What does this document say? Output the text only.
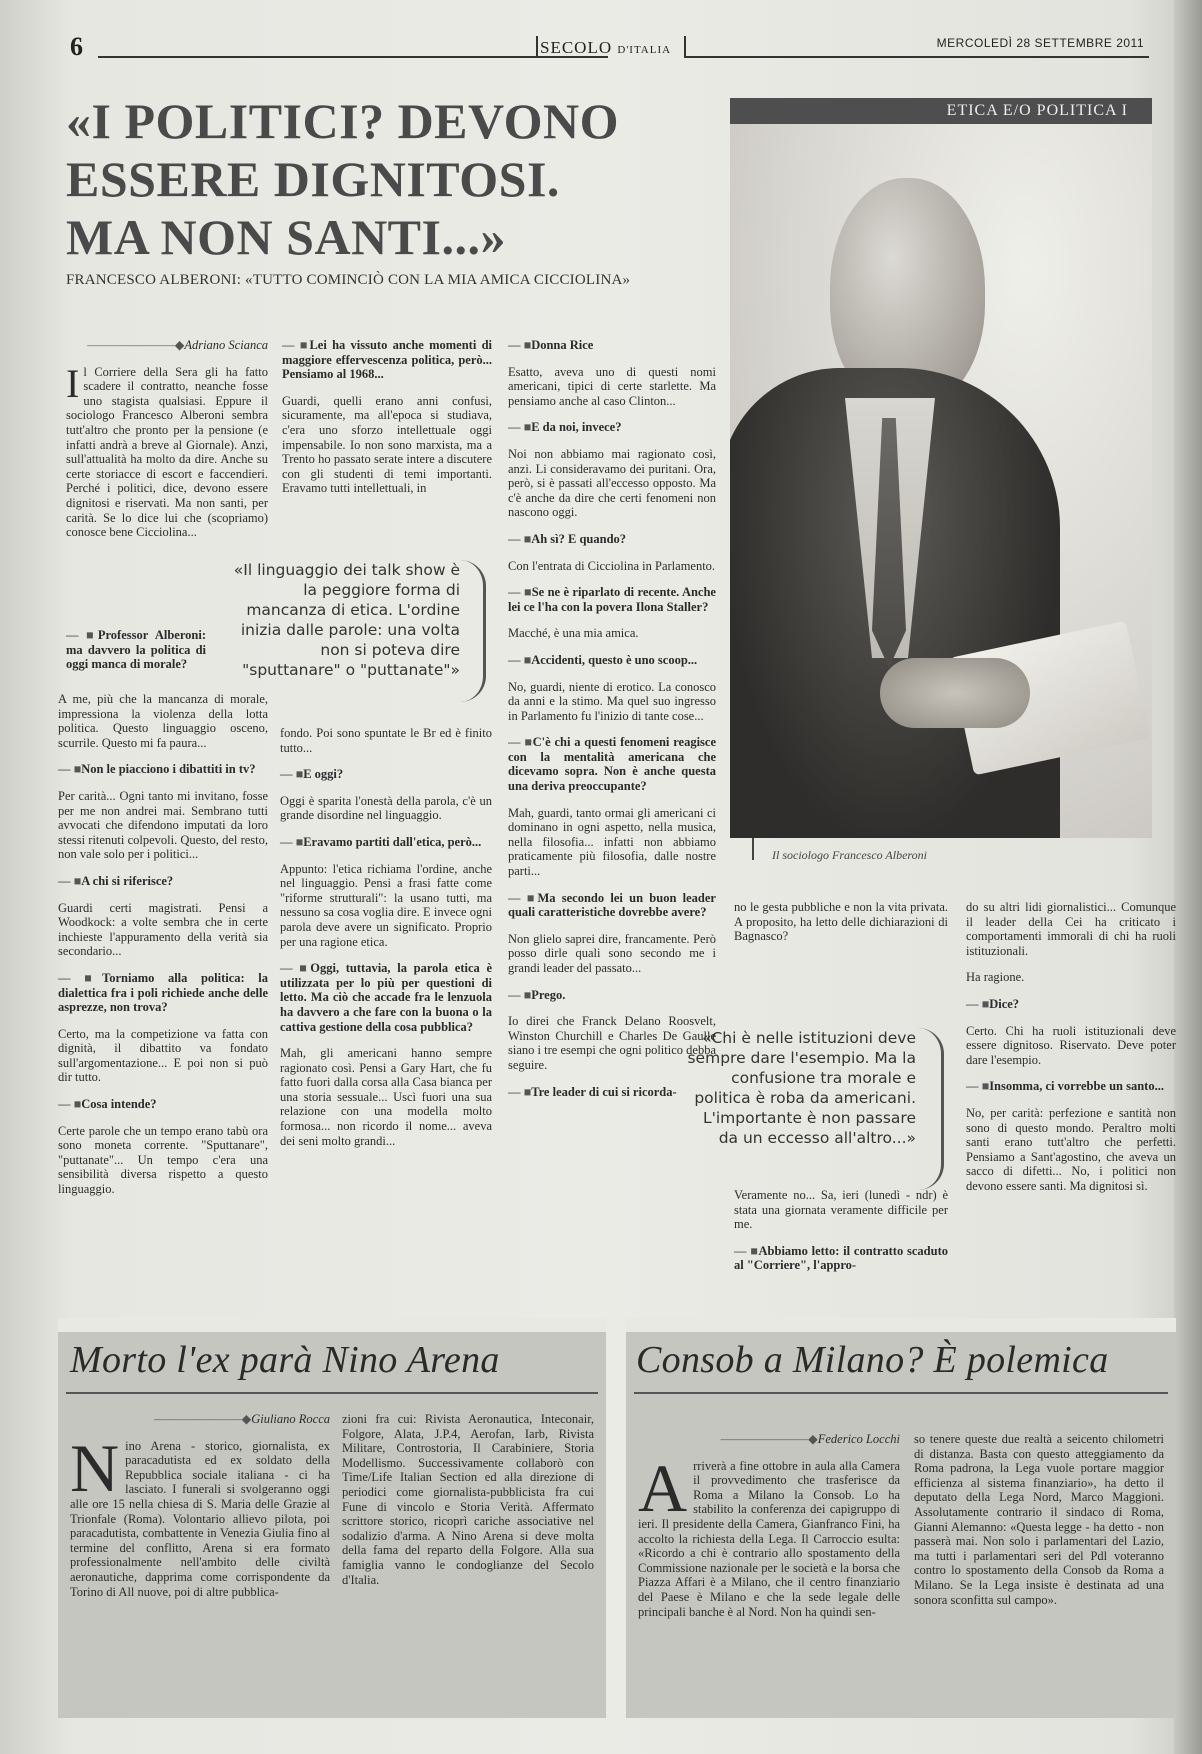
6	SECOLO D'ITALIA	MERCOLEDÌ 28 SETTEMBRE 2011
«I POLITICI? DEVONO
ESSERE DIGNITOSI.
MA NON SANTI...»
FRANCESCO ALBERONI: «TUTTO COMINCIÒ CON LA MIA AMICA CICCIOLINA»
ETICA E/O POLITICA I
Il sociologo Francesco Alberoni

———————◆ Adriano Scianca

Il Corriere della Sera gli ha fatto scadere il contratto, neanche fosse uno stagista qualsiasi. Eppure il sociologo Francesco Alberoni sembra tutt'altro che pronto per la pensione (e infatti andrà a breve al Giornale). Anzi, sull'attualità ha molto da dire. Anche su certe storiacce di escort e faccendieri. Perché i politici, dice, devono essere dignitosi e riservati. Ma non santi, per carità. Se lo dice lui che (scopriamo) conosce bene Cicciolina...

— ■ Professor Alberoni: ma davvero la politica di oggi manca di morale?

A me, più che la mancanza di morale, impressiona la violenza della lotta politica. Questo linguaggio osceno, scurrile. Questo mi fa paura...

— ■ Non le piacciono i dibattiti in tv?

Per carità... Ogni tanto mi invitano, fosse per me non andrei mai. Sembrano tutti avvocati che difendono imputati da loro stessi ritenuti colpevoli. Questo, del resto, non vale solo per i politici...

— ■ A chi si riferisce?

Guardi certi magistrati. Pensi a Woodkock: a volte sembra che in certe inchieste l'appuramento della verità sia secondario...

— ■ Torniamo alla politica: la dialettica fra i poli richiede anche delle asprezze, non trova?

Certo, ma la competizione va fatta con dignità, il dibattito va fondato sull'argomentazione... E poi non si può dir tutto.

— ■ Cosa intende?

Certe parole che un tempo erano tabù ora sono moneta corrente. "Sputtanare", "puttanate"... Un tempo c'era una sensibilità diversa rispetto a questo linguaggio.

— ■ Lei ha vissuto anche momenti di maggiore effervescenza politica, però... Pensiamo al 1968...

Guardi, quelli erano anni confusi, sicuramente, ma all'epoca si studiava, c'era uno sforzo intellettuale oggi impensabile. Io non sono marxista, ma a Trento ho passato serate intere a discutere con gli studenti di temi importanti. Eravamo tutti intellettuali, in

fondo. Poi sono spuntate le Br ed è finito tutto...

— ■ E oggi?

Oggi è sparita l'onestà della parola, c'è un grande disordine nel linguaggio.

— ■ Eravamo partiti dall'etica, però...

Appunto: l'etica richiama l'ordine, anche nel linguaggio. Pensi a frasi fatte come "riforme strutturali": la usano tutti, ma nessuno sa cosa voglia dire. E invece ogni parola deve avere un significato. Proprio per una ragione etica.

— ■ Oggi, tuttavia, la parola etica è utilizzata per lo più per questioni di letto. Ma ciò che accade fra le lenzuola ha davvero a che fare con la buona o la cattiva gestione della cosa pubblica?

Mah, gli americani hanno sempre ragionato così. Pensi a Gary Hart, che fu fatto fuori dalla corsa alla Casa bianca per una storia sessuale... Uscì fuori una sua relazione con una modella molto formosa... non ricordo il nome... aveva dei seni molto grandi...

«Il linguaggio dei talk show è la peggiore forma di mancanza di etica. L'ordine inizia dalle parole: una volta non si poteva dire "sputtanare" o "puttanate"»

— ■ Donna Rice

Esatto, aveva uno di questi nomi americani, tipici di certe starlette. Ma pensiamo anche al caso Clinton...

— ■ E da noi, invece?

Noi non abbiamo mai ragionato così, anzi. Li consideravamo dei puritani. Ora, però, si è passati all'eccesso opposto. Ma c'è anche da dire che certi fenomeni non nascono oggi.

— ■ Ah sì? E quando?

Con l'entrata di Cicciolina in Parlamento.

— ■ Se ne è riparlato di recente. Anche lei ce l'ha con la povera Ilona Staller?

Macché, è una mia amica.

— ■ Accidenti, questo è uno scoop...

No, guardi, niente di erotico. La conosco da anni e la stimo. Ma quel suo ingresso in Parlamento fu l'inizio di tante cose...

— ■ C'è chi a questi fenomeni reagisce con la mentalità americana che dicevamo sopra. Non è anche questa una deriva preoccupante?

Mah, guardi, tanto ormai gli americani ci dominano in ogni aspetto, nella musica, nella filosofia... infatti non abbiamo praticamente più filosofia, dalle nostre parti...

— ■ Ma secondo lei un buon leader quali caratteristiche dovrebbe avere?

Non glielo saprei dire, francamente. Però posso dirle quali sono secondo me i grandi leader del passato...

— ■ Prego.

Io direi che Franck Delano Roosvelt, Winston Churchill e Charles De Gaulle siano i tre esempi che ogni politico debba seguire.

— ■ Tre leader di cui si ricorda-

no le gesta pubbliche e non la vita privata. A proposito, ha letto delle dichiarazioni di Bagnasco?

Veramente no... Sa, ieri (lunedì - ndr) è stata una giornata veramente difficile per me.

— ■ Abbiamo letto: il contratto scaduto al "Corriere", l'appro-

do su altri lidi giornalistici... Comunque il leader della Cei ha criticato i comportamenti immorali di chi ha ruoli istituzionali.

Ha ragione.

— ■ Dice?

Certo. Chi ha ruoli istituzionali deve essere dignitoso. Riservato. Deve poter dare l'esempio.

— ■ Insomma, ci vorrebbe un santo...

No, per carità: perfezione e santità non sono di questo mondo. Peraltro molti santi erano tutt'altro che perfetti. Pensiamo a Sant'agostino, che aveva un sacco di difetti... No, i politici non devono essere santi. Ma dignitosi sì.

«Chi è nelle istituzioni deve sempre dare l'esempio. Ma la confusione tra morale e politica è roba da americani. L'importante è non passare da un eccesso all'altro...»
Morto l'ex parà Nino Arena

———————◆ Giuliano Rocca

Nino Arena - storico, giornalista, ex paracadutista ed ex soldato della Repubblica sociale italiana - ci ha lasciato. I funerali si svolgeranno oggi alle ore 15 nella chiesa di S. Maria delle Grazie al Trionfale (Roma). Volontario allievo pilota, poi paracadutista, combattente in Venezia Giulia fino al termine del conflitto, Arena si era formato professionalmente nell'ambito delle civiltà aeronautiche, dapprima come corrispondente da Torino di All nuove, poi di altre pubblica-

zioni fra cui: Rivista Aeronautica, Inteconair, Folgore, Alata, J.P.4, Aerofan, Iarb, Rivista Militare, Controstoria, Il Carabiniere, Storia Modellismo. Successivamente collaborò con Time/Life Italian Section ed alla direzione di periodici come giornalista-pubblicista fra cui Fune di vincolo e Storia Verità. Affermato scrittore storico, ricoprì cariche associative nel sodalizio d'arma. A Nino Arena si deve molta della fama del reparto della Folgore. Alla sua famiglia vanno le condoglianze del Secolo d'Italia.

Consob a Milano? È polemica

———————◆ Federico Locchi

Arriverà a fine ottobre in aula alla Camera il provvedimento che trasferisce da Roma a Milano la Consob. Lo ha stabilito la conferenza dei capigruppo di ieri. Il presidente della Camera, Gianfranco Fini, ha accolto la richiesta della Lega. Il Carroccio esulta: «Ricordo a chi è contrario allo spostamento della Commissione nazionale per le società e la borsa che Piazza Affari è a Milano, che il centro finanziario del Paese è Milano e che la sede legale delle principali banche è al Nord. Non ha quindi sen-

so tenere queste due realtà a seicento chilometri di distanza. Basta con questo atteggiamento da Roma padrona, la Lega vuole portare maggior efficienza al sistema finanziario», ha detto il deputato della Lega Nord, Marco Maggioni. Assolutamente contrario il sindaco di Roma, Gianni Alemanno: «Questa legge - ha detto - non passerà mai. Non solo i parlamentari del Lazio, ma tutti i parlamentari seri del Pdl voteranno contro lo spostamento della Consob da Roma a Milano. Se la Lega insiste è destinata ad una sonora sconfitta sul campo».
